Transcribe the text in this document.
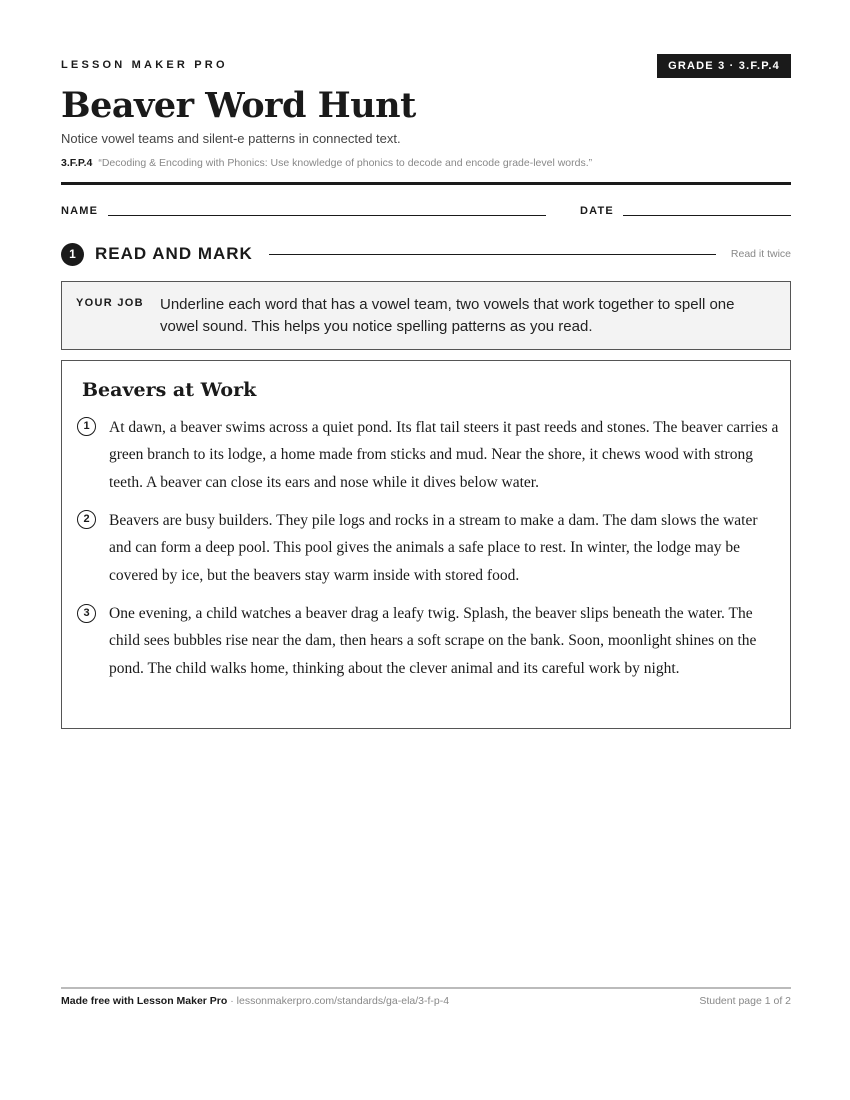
LESSON MAKER PRO	GRADE 3 · 3.F.P.4
Beaver Word Hunt
Notice vowel teams and silent-e patterns in connected text.
3.F.P.4 “Decoding & Encoding with Phonics: Use knowledge of phonics to decode and encode grade-level words.”
NAME	DATE
1	READ AND MARK	Read it twice
YOUR JOB Underline each word that has a vowel team, two vowels that work together to spell one vowel sound. This helps you notice spelling patterns as you read.
Beavers at Work
1	At dawn, a beaver swims across a quiet pond. Its flat tail steers it past reeds and stones. The beaver carries a green branch to its lodge, a home made from sticks and mud. Near the shore, it chews wood with strong teeth. A beaver can close its ears and nose while it dives below water.
2	Beavers are busy builders. They pile logs and rocks in a stream to make a dam. The dam slows the water and can form a deep pool. This pool gives the animals a safe place to rest. In winter, the lodge may be covered by ice, but the beavers stay warm inside with stored food.
3	One evening, a child watches a beaver drag a leafy twig. Splash, the beaver slips beneath the water. The child sees bubbles rise near the dam, then hears a soft scrape on the bank. Soon, moonlight shines on the pond. The child walks home, thinking about the clever animal and its careful work by night.
Made free with Lesson Maker Pro · lessonmakerpro.com/standards/ga-ela/3-f-p-4	Student page 1 of 2
